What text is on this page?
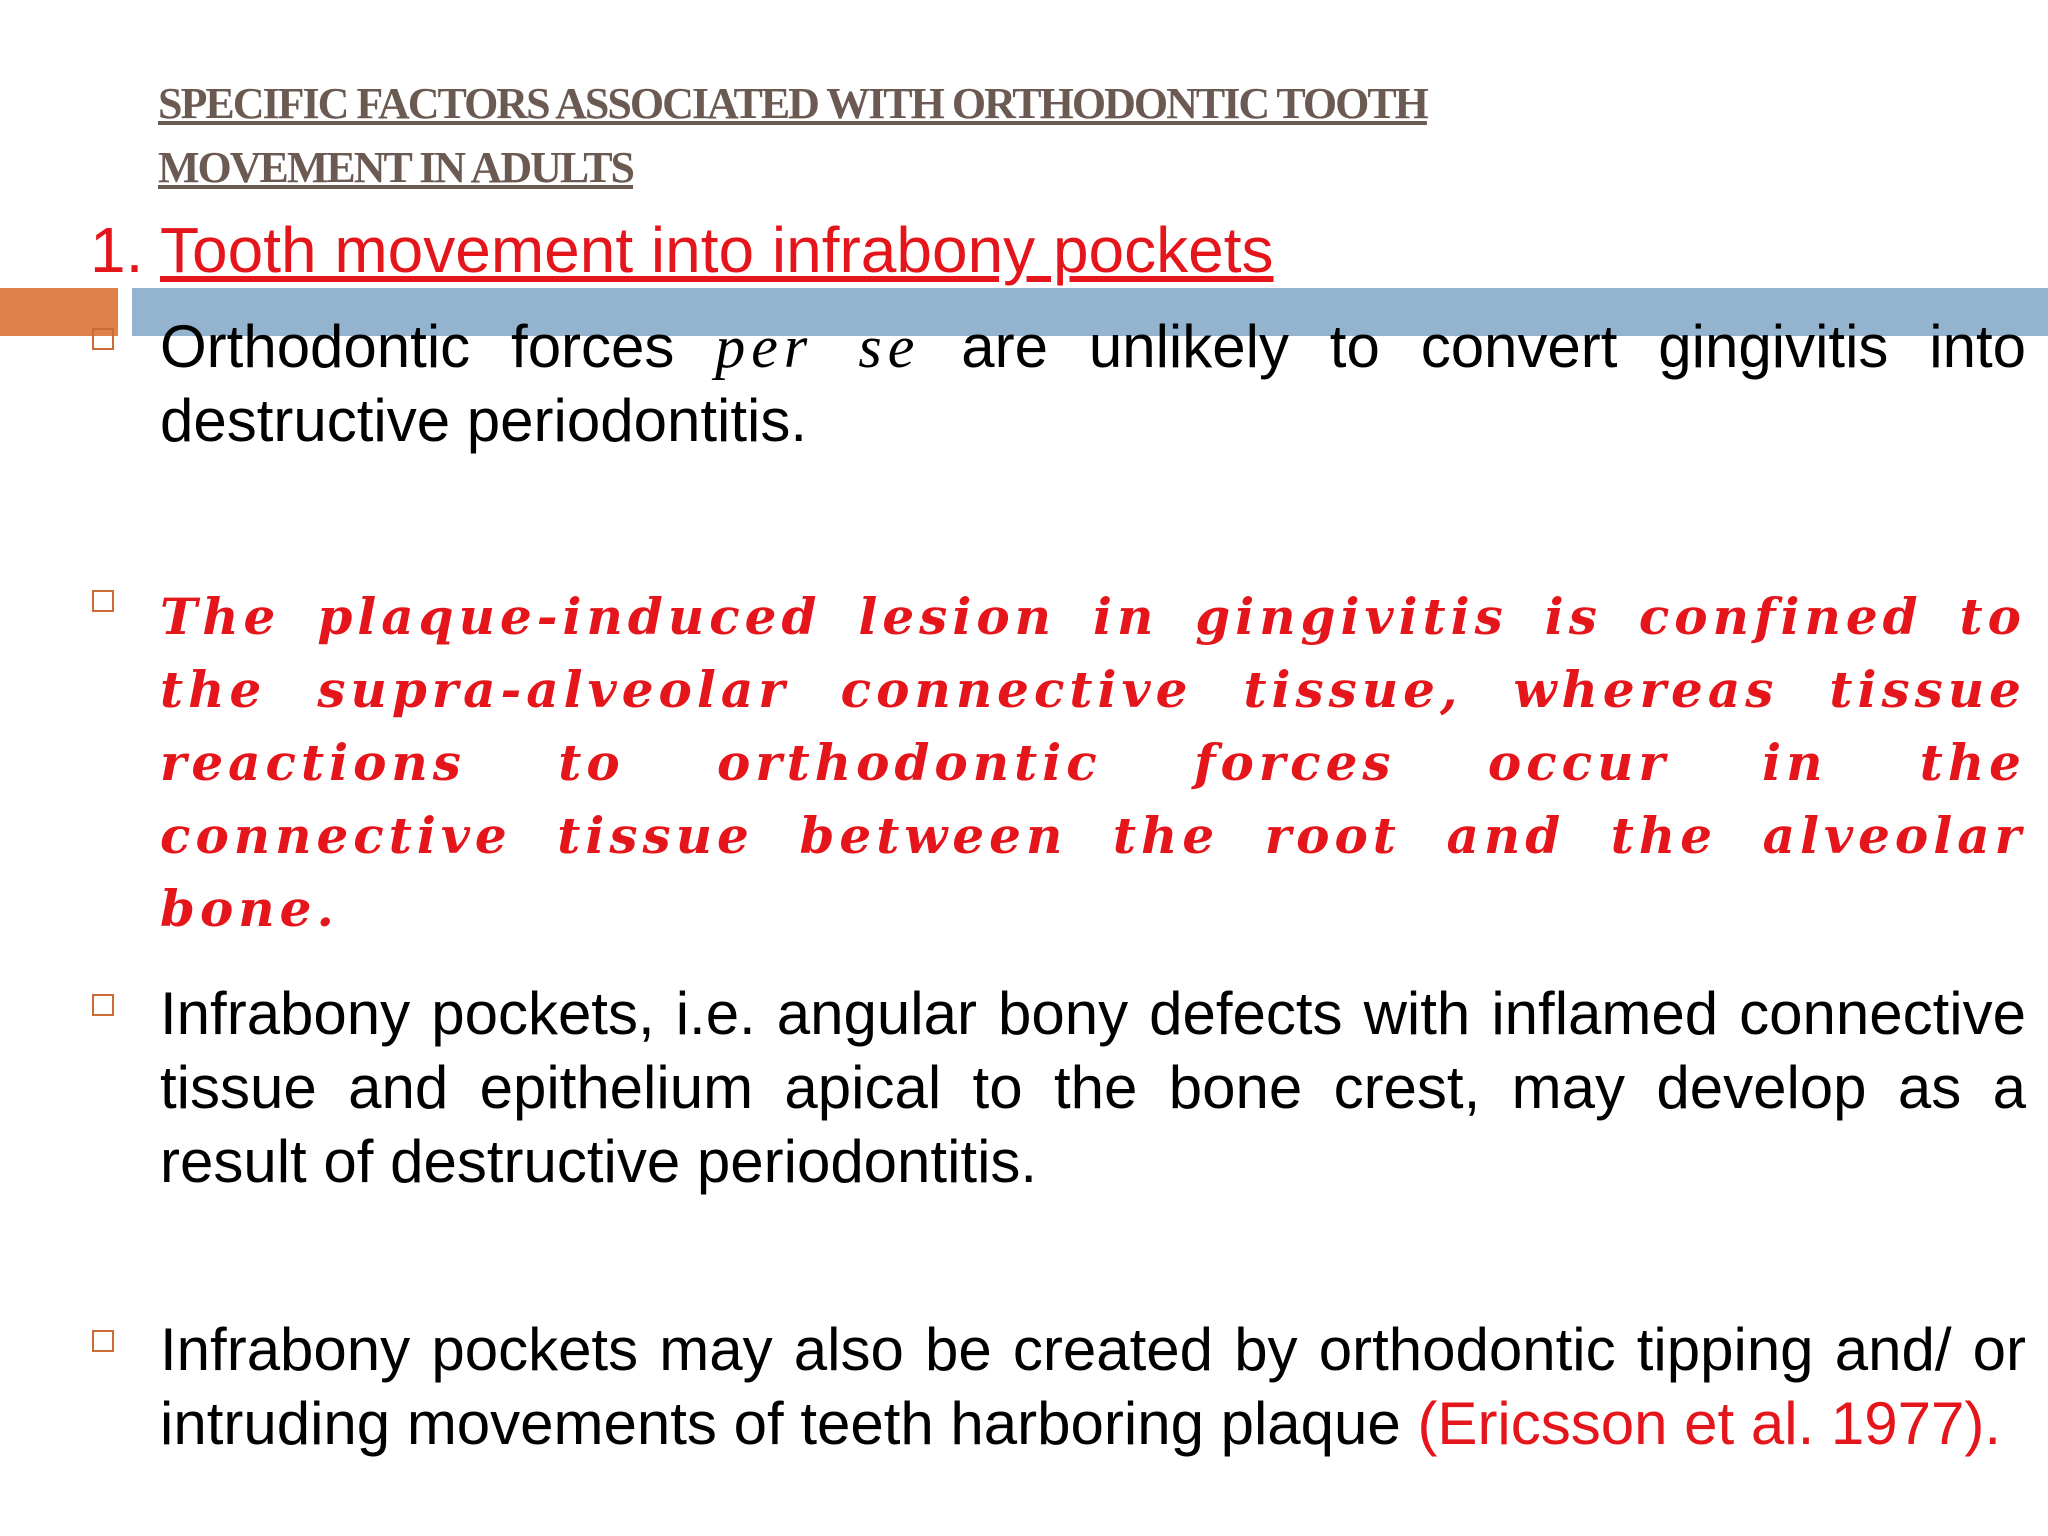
SPECIFIC FACTORS ASSOCIATED WITH ORTHODONTIC TOOTH
MOVEMENT IN ADULTS

1. Tooth movement into infrabony pockets

Orthodontic forces per se are unlikely to convert gingivitis into destructive periodontitis.

The plaque-induced lesion in gingivitis is confined to the supra-alveolar connective tissue, whereas tissue reactions to orthodontic forces occur in the connective tissue between the root and the alveolar bone.

Infrabony pockets, i.e. angular bony defects with inflamed connective tissue and epithelium apical to the bone crest, may develop as a result of destructive periodontitis.

Infrabony pockets may also be created by orthodontic tipping and/ or intruding movements of teeth harboring plaque (Ericsson et al. 1977).
